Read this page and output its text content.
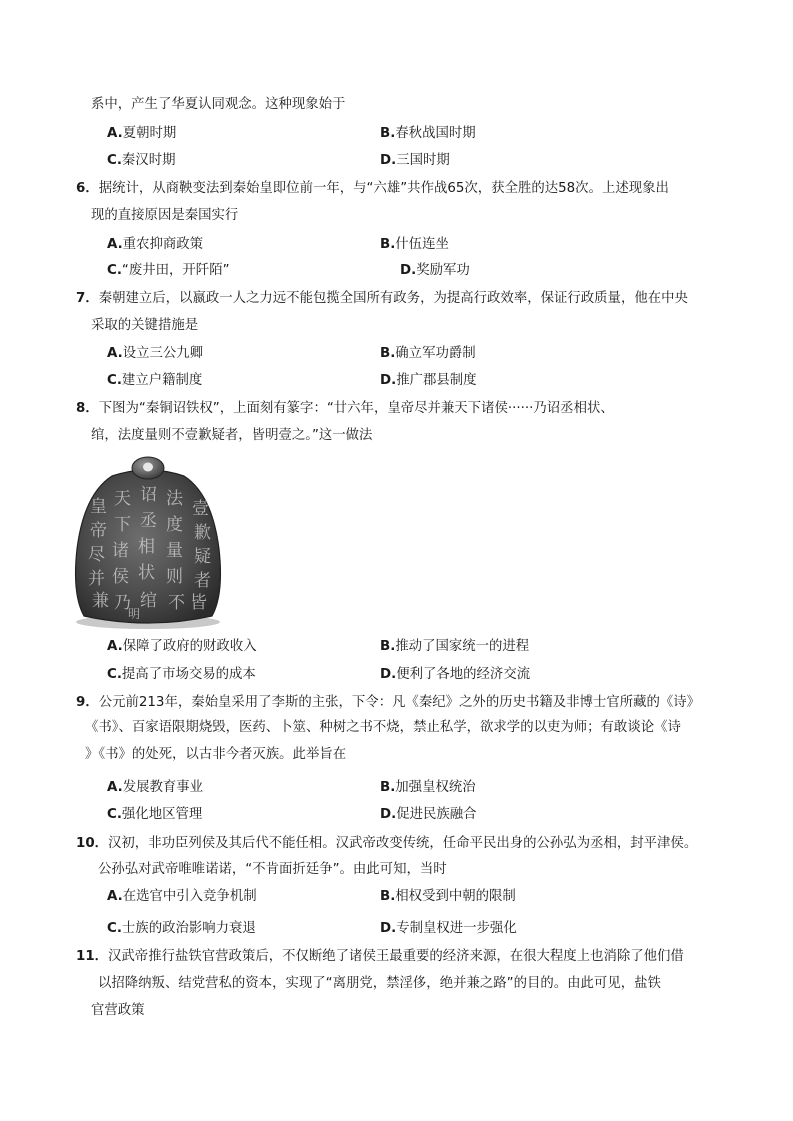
系中，产生了华夏认同观念。这种现象始于
A.夏朝时期	B.春秋战国时期
C.秦汉时期	D.三国时期
6．据统计，从商鞅变法到秦始皇即位前一年，与“六雄”共作战65次，获全胜的达58次。上述现象出
现的直接原因是秦国实行
A.重农抑商政策	B.什伍连坐
C.“废井田，开阡陌”	D.奖励军功
7．秦朝建立后，以嬴政一人之力远不能包揽全国所有政务，为提高行政效率，保证行政质量，他在中央
采取的关键措施是
A.设立三公九卿	B.确立军功爵制
C.建立户籍制度	D.推广郡县制度
8．下图为“秦铜诏铁权”，上面刻有篆字：“廿六年，皇帝尽并兼天下诸侯······乃诏丞相状、
绾，法度量则不壹歉疑者，皆明壹之。”这一做法
皇
帝
尽
并
兼
天
下
诸
侯
乃
诏
丞
相
状
绾
法
度
量
则
不
壹
歉
疑
者
皆
明
A.保障了政府的财政收入	B.推动了国家统一的进程
C.提高了市场交易的成本	D.便利了各地的经济交流
9．公元前213年，秦始皇采用了李斯的主张，下令：凡《秦纪》之外的历史书籍及非博士官所藏的《诗》
《书》、百家语限期烧毁，医药、卜筮、种树之书不烧，禁止私学，欲求学的以吏为师；有敢谈论《诗
》《书》的处死，以古非今者灭族。此举旨在
A.发展教育事业	B.加强皇权统治
C.强化地区管理	D.促进民族融合
10．汉初，非功臣列侯及其后代不能任相。汉武帝改变传统，任命平民出身的公孙弘为丞相，封平津侯。
公孙弘对武帝唯唯诺诺，“不肯面折廷争”。由此可知，当时
A.在选官中引入竞争机制	B.相权受到中朝的限制
C.士族的政治影响力衰退	D.专制皇权进一步强化
11．汉武帝推行盐铁官营政策后，不仅断绝了诸侯王最重要的经济来源，在很大程度上也消除了他们借
以招降纳叛、结党营私的资本，实现了“离朋党，禁淫侈，绝并兼之路”的目的。由此可见，盐铁
官营政策
